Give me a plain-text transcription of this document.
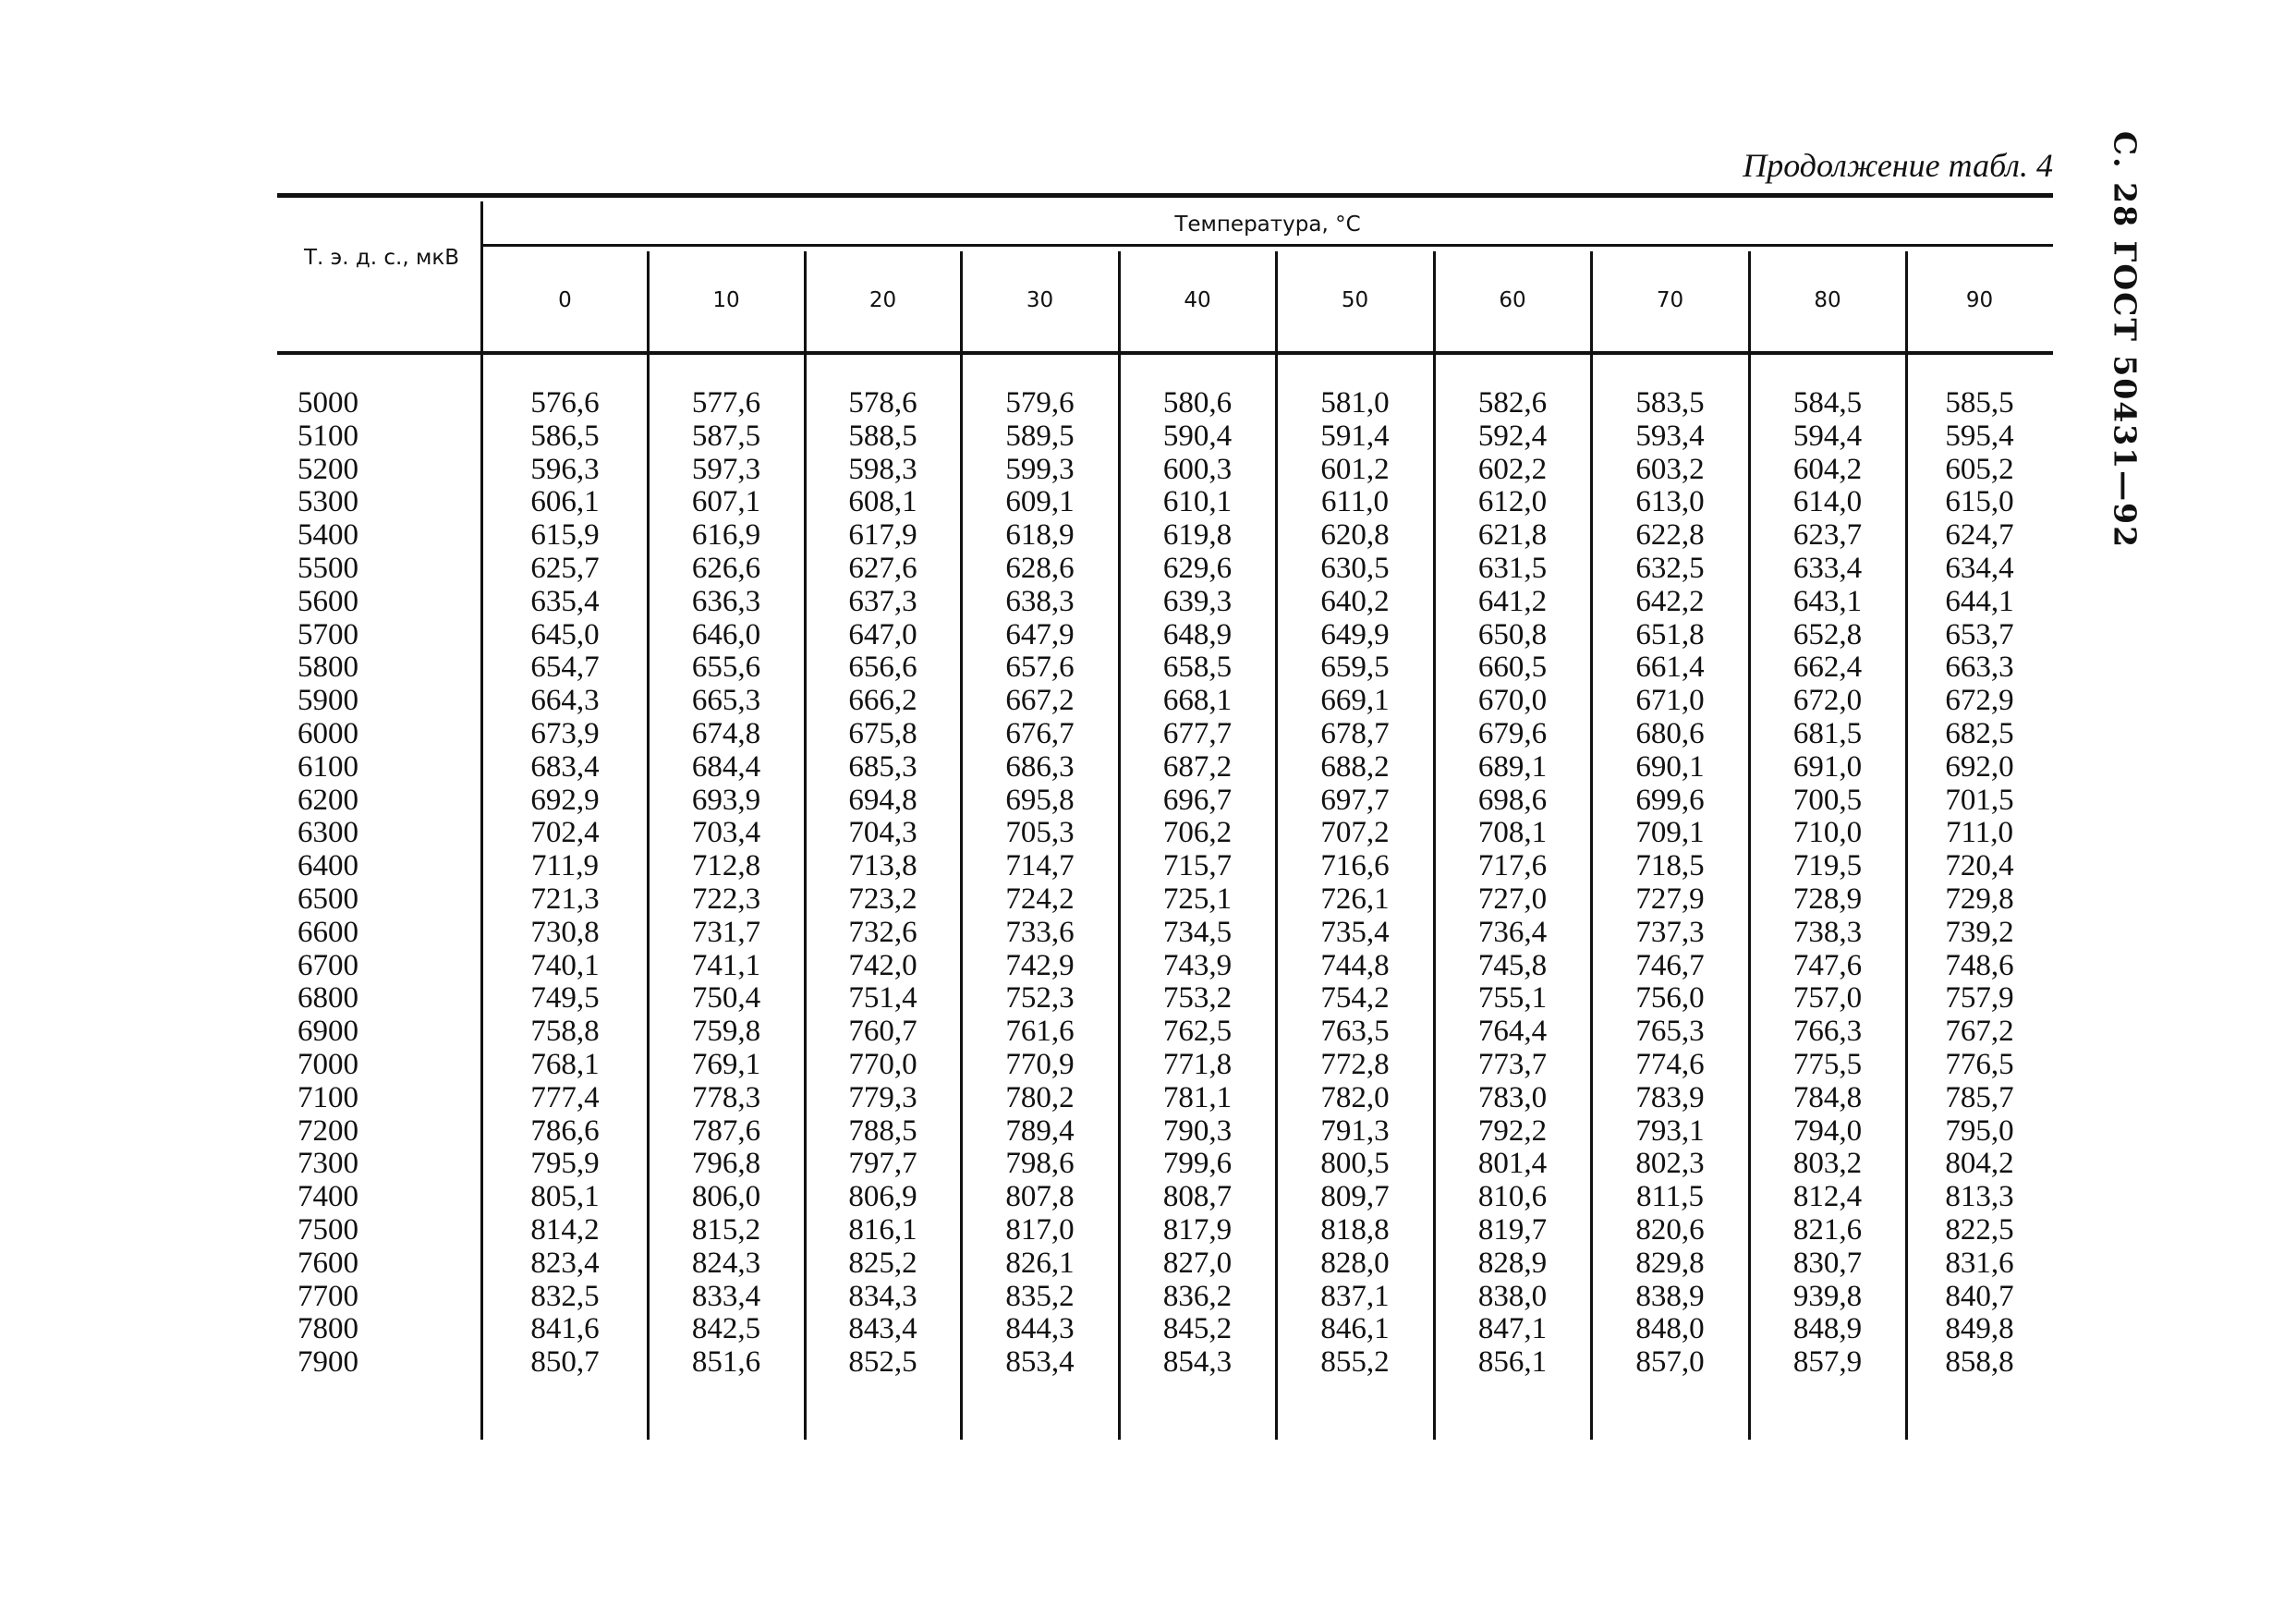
Продолжение табл. 4 С. 28 ГОСТ 50431—92
Т. э. д. с., мкВ
Температура, °С
0	10	20	30	40	50	60	70	80	90
5000	576,6	577,6	578,6	579,6	580,6	581,0	582,6	583,5	584,5	585,5
5100	586,5	587,5	588,5	589,5	590,4	591,4	592,4	593,4	594,4	595,4
5200	596,3	597,3	598,3	599,3	600,3	601,2	602,2	603,2	604,2	605,2
5300	606,1	607,1	608,1	609,1	610,1	611,0	612,0	613,0	614,0	615,0
5400	615,9	616,9	617,9	618,9	619,8	620,8	621,8	622,8	623,7	624,7
5500	625,7	626,6	627,6	628,6	629,6	630,5	631,5	632,5	633,4	634,4
5600	635,4	636,3	637,3	638,3	639,3	640,2	641,2	642,2	643,1	644,1
5700	645,0	646,0	647,0	647,9	648,9	649,9	650,8	651,8	652,8	653,7
5800	654,7	655,6	656,6	657,6	658,5	659,5	660,5	661,4	662,4	663,3
5900	664,3	665,3	666,2	667,2	668,1	669,1	670,0	671,0	672,0	672,9
6000	673,9	674,8	675,8	676,7	677,7	678,7	679,6	680,6	681,5	682,5
6100	683,4	684,4	685,3	686,3	687,2	688,2	689,1	690,1	691,0	692,0
6200	692,9	693,9	694,8	695,8	696,7	697,7	698,6	699,6	700,5	701,5
6300	702,4	703,4	704,3	705,3	706,2	707,2	708,1	709,1	710,0	711,0
6400	711,9	712,8	713,8	714,7	715,7	716,6	717,6	718,5	719,5	720,4
6500	721,3	722,3	723,2	724,2	725,1	726,1	727,0	727,9	728,9	729,8
6600	730,8	731,7	732,6	733,6	734,5	735,4	736,4	737,3	738,3	739,2
6700	740,1	741,1	742,0	742,9	743,9	744,8	745,8	746,7	747,6	748,6
6800	749,5	750,4	751,4	752,3	753,2	754,2	755,1	756,0	757,0	757,9
6900	758,8	759,8	760,7	761,6	762,5	763,5	764,4	765,3	766,3	767,2
7000	768,1	769,1	770,0	770,9	771,8	772,8	773,7	774,6	775,5	776,5
7100	777,4	778,3	779,3	780,2	781,1	782,0	783,0	783,9	784,8	785,7
7200	786,6	787,6	788,5	789,4	790,3	791,3	792,2	793,1	794,0	795,0
7300	795,9	796,8	797,7	798,6	799,6	800,5	801,4	802,3	803,2	804,2
7400	805,1	806,0	806,9	807,8	808,7	809,7	810,6	811,5	812,4	813,3
7500	814,2	815,2	816,1	817,0	817,9	818,8	819,7	820,6	821,6	822,5
7600	823,4	824,3	825,2	826,1	827,0	828,0	828,9	829,8	830,7	831,6
7700	832,5	833,4	834,3	835,2	836,2	837,1	838,0	838,9	939,8	840,7
7800	841,6	842,5	843,4	844,3	845,2	846,1	847,1	848,0	848,9	849,8
7900	850,7	851,6	852,5	853,4	854,3	855,2	856,1	857,0	857,9	858,8
